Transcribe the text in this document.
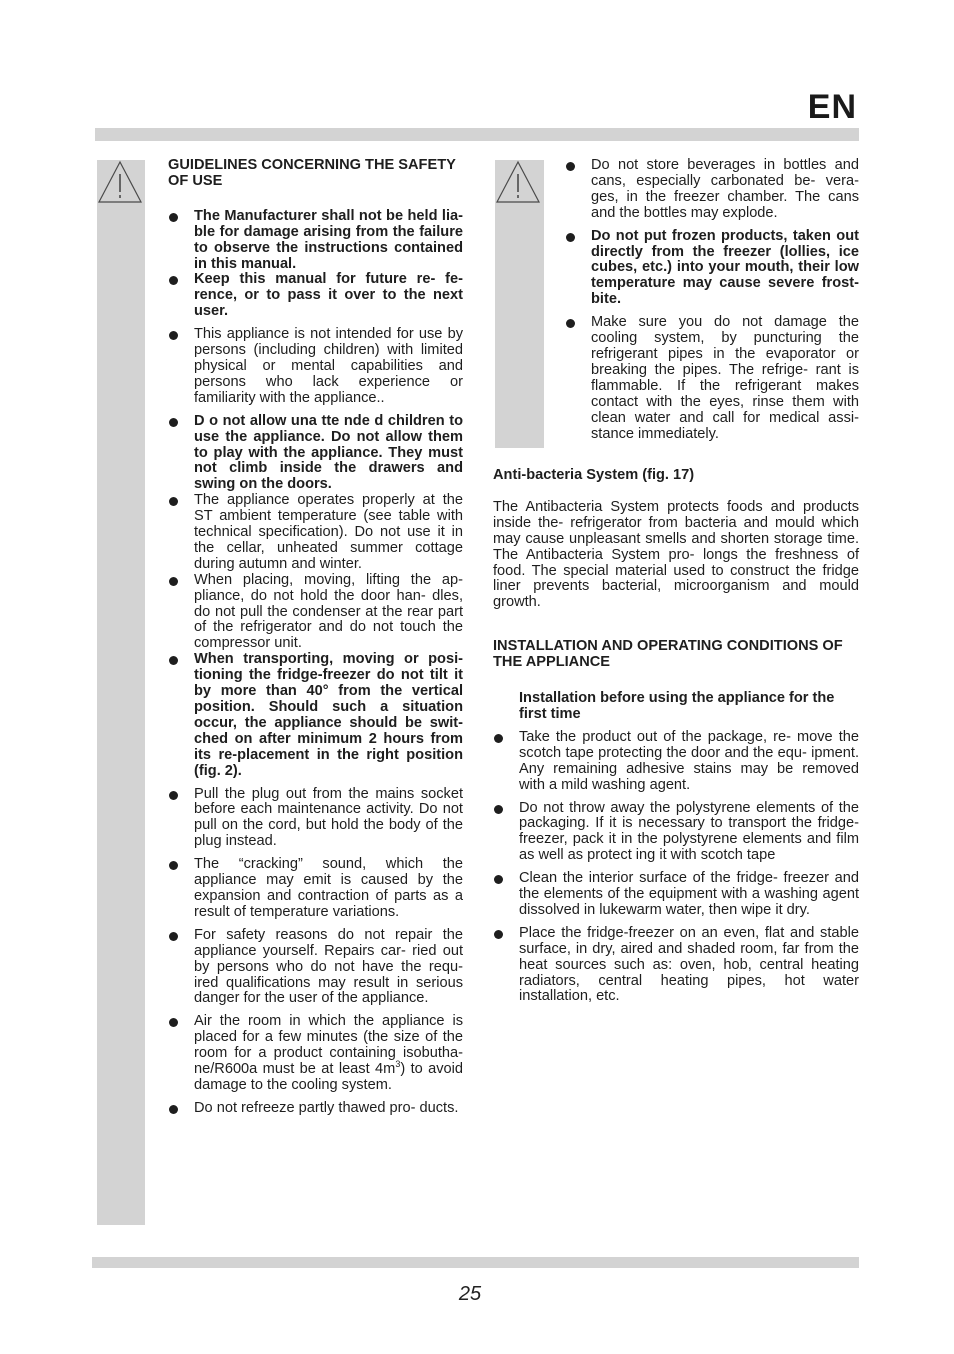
EN

GUIDELINES CONCERNING THE SAFETY OF USE

The Manufacturer shall not be held lia- ble for damage arising from the failure to observe the instructions contained in this manual.
Keep this manual for future re- fe- rence, or to pass it over to the next user.
This appliance is not intended for use by persons (including children) with limited physical or mental capabilities and persons who lack experience or familiarity with the appliance..
D o not allow una tte nde d children to use the appliance. Do not allow them to play with the appliance. They must not climb inside the drawers and swing on the doors.
The appliance operates properly at the ST ambient temperature (see table with technical specification). Do not use it in the cellar, unheated summer cottage during autumn and winter.
When placing, moving, lifting the ap- pliance, do not hold the door han- dles, do not pull the condenser at the rear part of the refrigerator and do not touch the compressor unit.
When transporting, moving or posi- tioning the fridge-freezer do not tilt it by more than 40° from the vertical position. Should such a situation occur, the appliance should be swit- ched on after minimum 2 hours from its re-placement in the right position (fig. 2).
Pull the plug out from the mains socket before each maintenance activity. Do not pull on the cord, but hold the body of the plug instead.
The “cracking” sound, which the appliance may emit is caused by the expansion and contraction of parts as a result of temperature variations.
For safety reasons do not repair the appliance yourself. Repairs car- ried out by persons who do not have the requ- ired qualifications may result in serious danger for the user of the appliance.
Air the room in which the appliance is placed for a few minutes (the size of the room for a product containing isobutha- ne/R600a must be at least $4m^3$) to avoid damage to the cooling system.
Do not refreeze partly thawed pro- ducts.
Do not store beverages in bottles and cans, especially carbonated be- vera- ges, in the freezer chamber. The cans and the bottles may explode.
Do not put frozen products, taken out directly from the freezer (lollies, ice cubes, etc.) into your mouth, their low temperature may cause severe frost-bite.
Make sure you do not damage the cooling system, by puncturing the refrigerant pipes in the evaporator or breaking the pipes. The refrige- rant is flammable. If the refrigerant makes contact with the eyes, rinse them with clean water and call for medical assi- stance immediately.

Anti-bacteria System (fig. 17)

The Antibacteria System protects foods and products inside the- refrigerator from bacteria and mould which may cause unpleasant smells and shorten storage time. The Antibacteria System pro- longs the freshness of food. The special material used to construct the fridge liner prevents bacterial, microorganism and mould growth.

INSTALLATION AND OPERATING CONDITIONS OF THE APPLIANCE

Installation before using the appliance for the first time

Take the product out of the package, re- move the scotch tape protecting the door and the equ- ipment. Any remaining adhesive stains may be removed with a mild washing agent.
Do not throw away the polystyrene elements of the packaging. If it is necessary to transport the fridge-freezer, pack it in the polystyrene elements and film as well as protect ing it with scotch tape
Clean the interior surface of the fridge- freezer and the elements of the equipment with a washing agent dissolved in lukewarm water, then wipe it dry.
Place the fridge-freezer on an even, flat and stable surface, in dry, aired and shaded room, far from the heat sources such as: oven, hob, central heating radiators, central heating pipes, hot water installation, etc.
25
